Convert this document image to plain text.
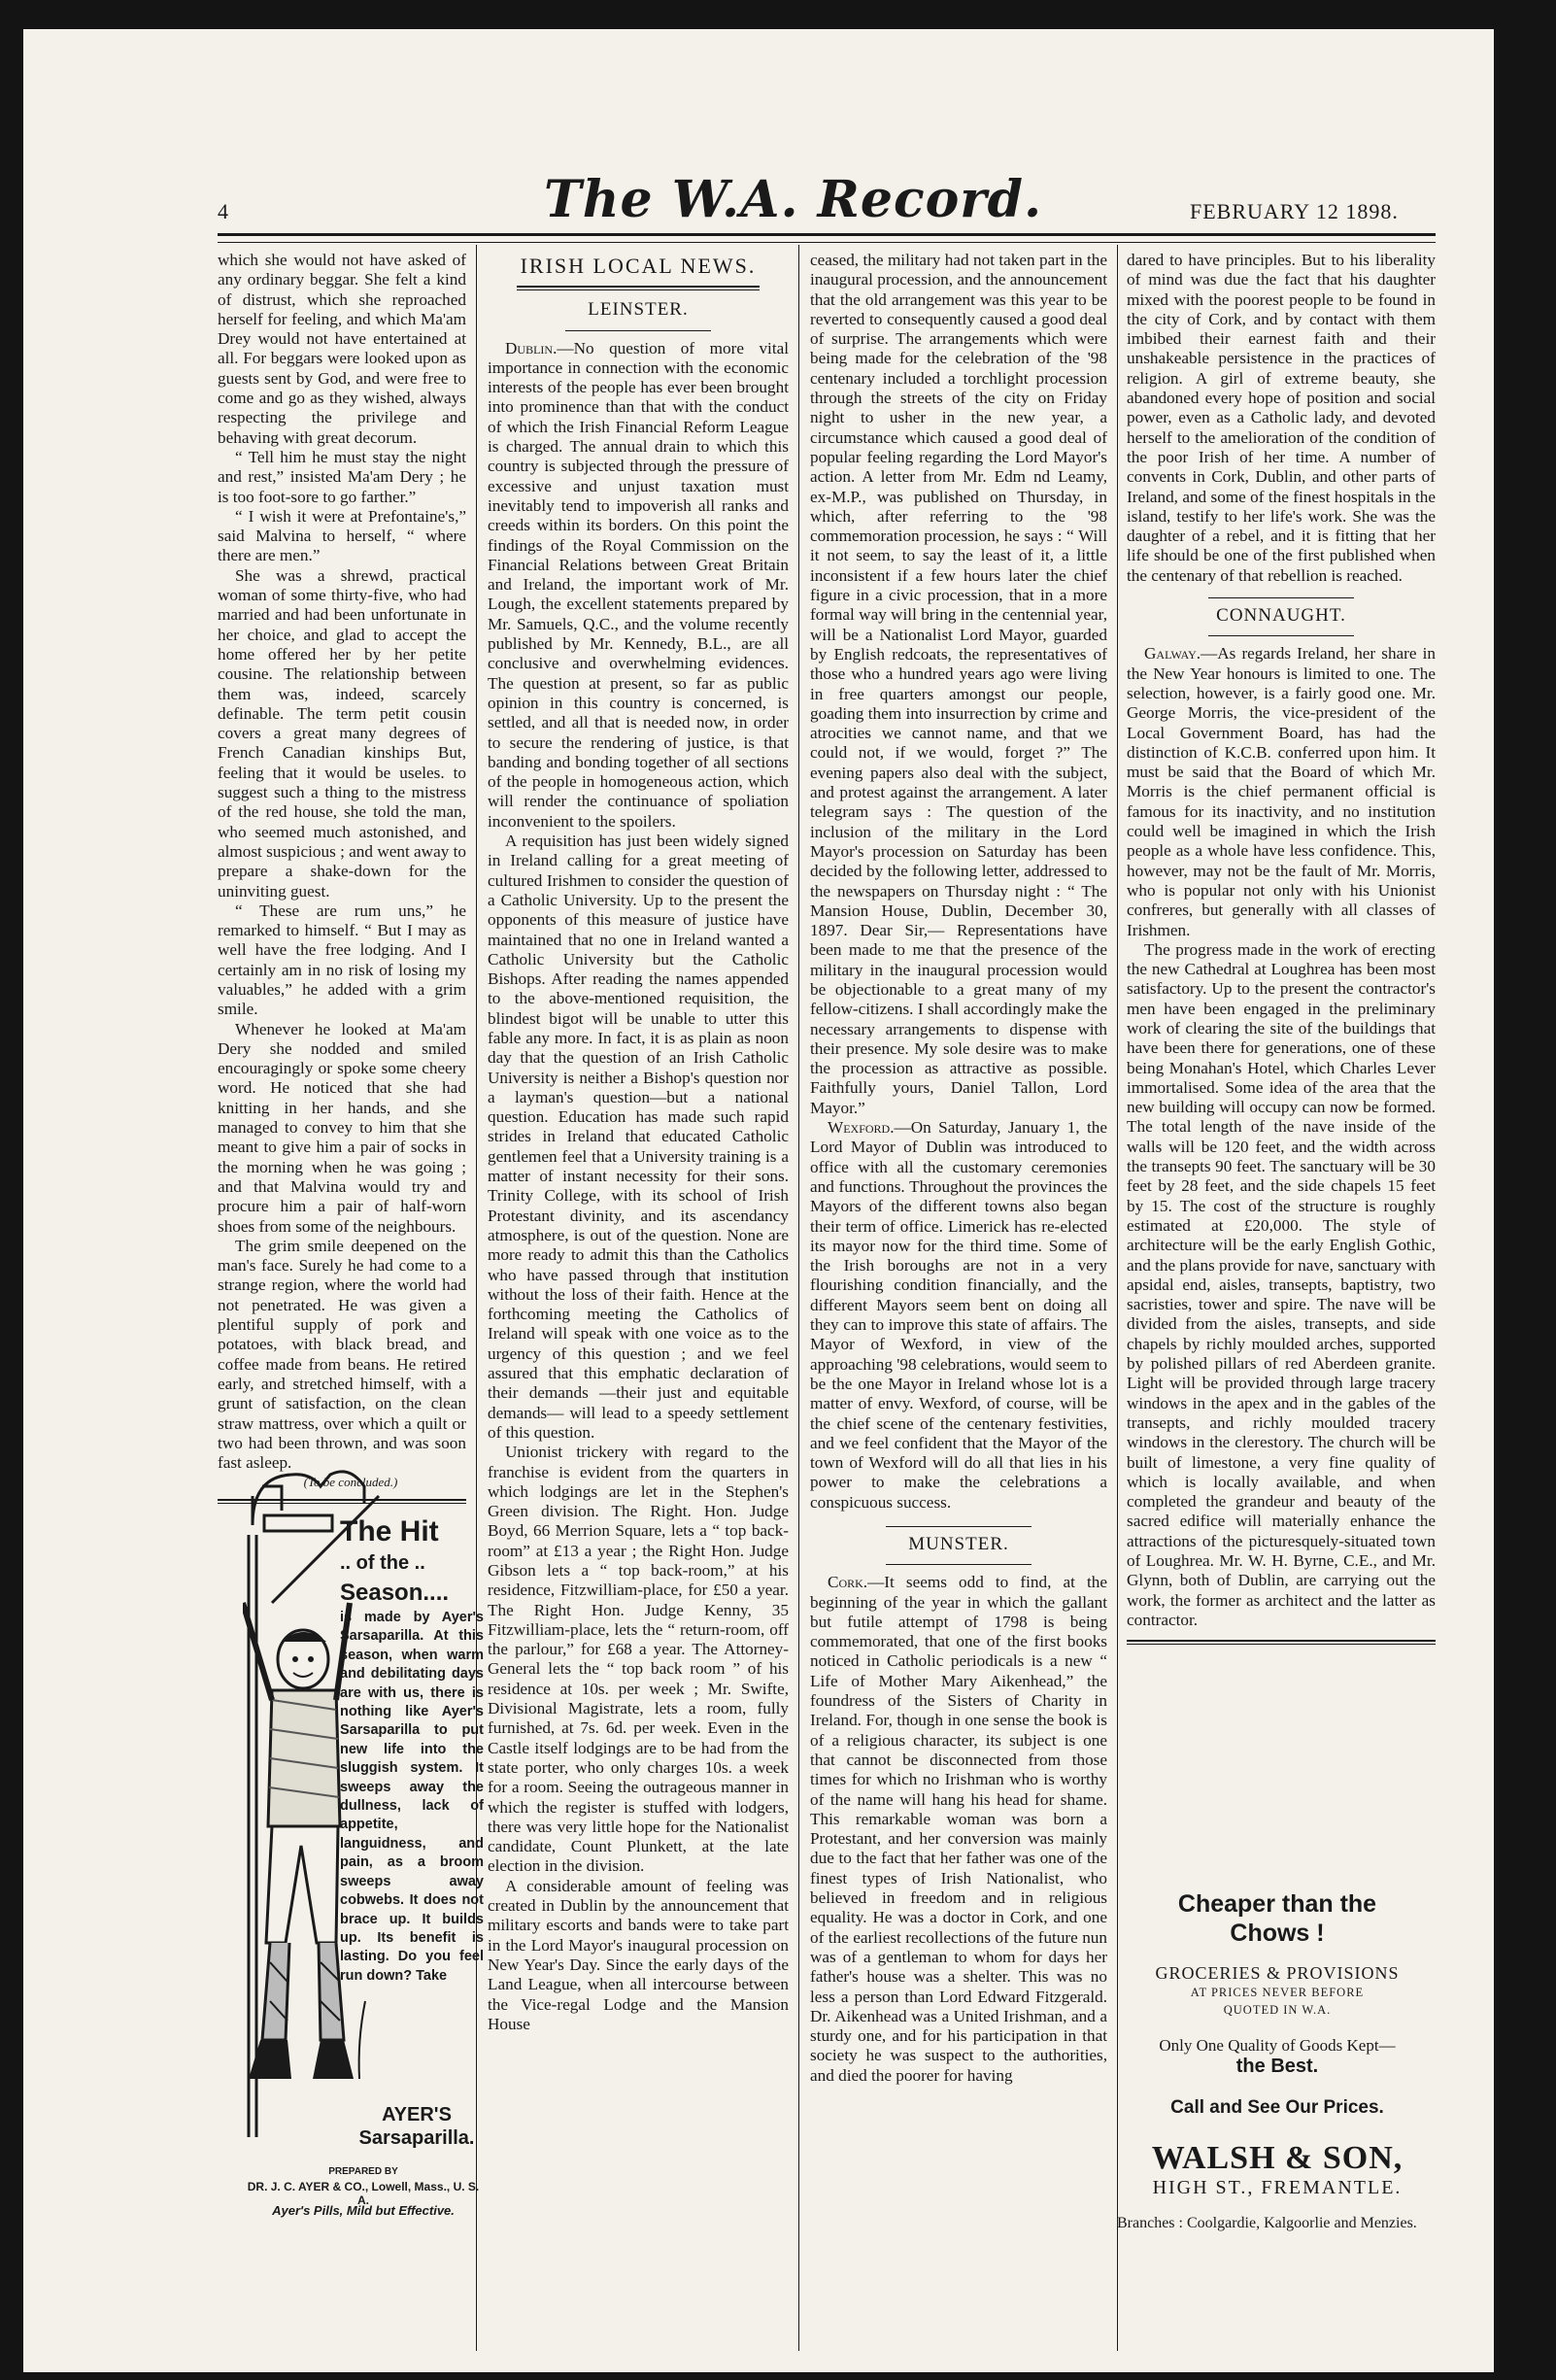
4	The W.A. Record.	FEBRUARY 12 1898.

which she would not have asked of any ordinary beggar. She felt a kind of distrust, which she reproached herself for feeling, and which Ma'am Drey would not have entertained at all. For beggars were looked upon as guests sent by God, and were free to come and go as they wished, always respecting the privilege and behaving with great decorum.

“ Tell him he must stay the night and rest,” insisted Ma'am Dery ; he is too foot-sore to go farther.”

“ I wish it were at Prefontaine's,” said Malvina to herself, “ where there are men.”

She was a shrewd, practical woman of some thirty-five, who had married and had been unfortunate in her choice, and glad to accept the home offered her by her petite cousine. The relationship between them was, indeed, scarcely definable. The term petit cousin covers a great many degrees of French Canadian kinships But, feeling that it would be useles. to suggest such a thing to the mistress of the red house, she told the man, who seemed much astonished, and almost suspicious ; and went away to prepare a shake-down for the uninviting guest.

“ These are rum uns,” he remarked to himself. “ But I may as well have the free lodging. And I certainly am in no risk of losing my valuables,” he added with a grim smile.

Whenever he looked at Ma'am Dery she nodded and smiled encouragingly or spoke some cheery word. He noticed that she had knitting in her hands, and she managed to convey to him that she meant to give him a pair of socks in the morning when he was going ; and that Malvina would try and procure him a pair of half-worn shoes from some of the neighbours.

The grim smile deepened on the man's face. Surely he had come to a strange region, where the world had not penetrated. He was given a plentiful supply of pork and potatoes, with black bread, and coffee made from beans. He retired early, and stretched himself, with a grunt of satisfaction, on the clean straw mattress, over which a quilt or two had been thrown, and was soon fast asleep.

(To be concluded.)

The Hit
.. of the ..
Season....
is made by Ayer's Sarsaparilla. At this season, when warm and debilitating days are with us, there is nothing like Ayer's Sarsaparilla to put new life into the sluggish system. It sweeps away the dullness, lack of appetite, languidness, and pain, as a broom sweeps away cobwebs. It does not brace up. It builds up. Its benefit is lasting. Do you feel run down? Take
AYER'S
Sarsaparilla.
PREPARED BY
DR. J. C. AYER & CO., Lowell, Mass., U. S. A.
Ayer's Pills, Mild but Effective.
IRISH LOCAL NEWS.
LEINSTER.

Dublin.—No question of more vital importance in connection with the economic interests of the people has ever been brought into prominence than that with the conduct of which the Irish Financial Reform League is charged. The annual drain to which this country is subjected through the pressure of excessive and unjust taxation must inevitably tend to impoverish all ranks and creeds within its borders. On this point the findings of the Royal Commission on the Financial Relations between Great Britain and Ireland, the important work of Mr. Lough, the excellent statements prepared by Mr. Samuels, Q.C., and the volume recently published by Mr. Kennedy, B.L., are all conclusive and overwhelming evidences. The question at present, so far as public opinion in this country is concerned, is settled, and all that is needed now, in order to secure the rendering of justice, is that banding and bonding together of all sections of the people in homogeneous action, which will render the continuance of spoliation inconvenient to the spoilers.

A requisition has just been widely signed in Ireland calling for a great meeting of cultured Irishmen to consider the question of a Catholic University. Up to the present the opponents of this measure of justice have maintained that no one in Ireland wanted a Catholic University but the Catholic Bishops. After reading the names appended to the above-mentioned requisition, the blindest bigot will be unable to utter this fable any more. In fact, it is as plain as noon day that the question of an Irish Catholic University is neither a Bishop's question nor a layman's question—but a national question. Education has made such rapid strides in Ireland that educated Catholic gentlemen feel that a University training is a matter of instant necessity for their sons. Trinity College, with its school of Irish Protestant divinity, and its ascendancy atmosphere, is out of the question. None are more ready to admit this than the Catholics who have passed through that institution without the loss of their faith. Hence at the forthcoming meeting the Catholics of Ireland will speak with one voice as to the urgency of this question ; and we feel assured that this emphatic declaration of their demands —their just and equitable demands— will lead to a speedy settlement of this question.

Unionist trickery with regard to the franchise is evident from the quarters in which lodgings are let in the Stephen's Green division. The Right. Hon. Judge Boyd, 66 Merrion Square, lets a “ top back-room” at £13 a year ; the Right Hon. Judge Gibson lets a “ top back-room,” at his residence, Fitzwilliam-place, for £50 a year. The Right Hon. Judge Kenny, 35 Fitzwilliam-place, lets the “ return-room, off the parlour,” for £68 a year. The Attorney-General lets the “ top back room ” of his residence at 10s. per week ; Mr. Swifte, Divisional Magistrate, lets a room, fully furnished, at 7s. 6d. per week. Even in the Castle itself lodgings are to be had from the state porter, who only charges 10s. a week for a room. Seeing the outrageous manner in which the register is stuffed with lodgers, there was very little hope for the Nationalist candidate, Count Plunkett, at the late election in the division.

A considerable amount of feeling was created in Dublin by the announcement that military escorts and bands were to take part in the Lord Mayor's inaugural procession on New Year's Day. Since the early days of the Land League, when all intercourse between the Vice-regal Lodge and the Mansion House

ceased, the military had not taken part in the inaugural procession, and the announcement that the old arrangement was this year to be reverted to consequently caused a good deal of surprise. The arrangements which were being made for the celebration of the '98 centenary included a torchlight procession through the streets of the city on Friday night to usher in the new year, a circumstance which caused a good deal of popular feeling regarding the Lord Mayor's action. A letter from Mr. Edm nd Leamy, ex-M.P., was published on Thursday, in which, after referring to the '98 commemoration procession, he says : “ Will it not seem, to say the least of it, a little inconsistent if a few hours later the chief figure in a civic procession, that in a more formal way will bring in the centennial year, will be a Nationalist Lord Mayor, guarded by English redcoats, the representatives of those who a hundred years ago were living in free quarters amongst our people, goading them into insurrection by crime and atrocities we cannot name, and that we could not, if we would, forget ?” The evening papers also deal with the subject, and protest against the arrangement. A later telegram says : The question of the inclusion of the military in the Lord Mayor's procession on Saturday has been decided by the following letter, addressed to the newspapers on Thursday night : “ The Mansion House, Dublin, December 30, 1897. Dear Sir,— Representations have been made to me that the presence of the military in the inaugural procession would be objectionable to a great many of my fellow-citizens. I shall accordingly make the necessary arrangements to dispense with their presence. My sole desire was to make the procession as attractive as possible. Faithfully yours, Daniel Tallon, Lord Mayor.”

Wexford.—On Saturday, January 1, the Lord Mayor of Dublin was introduced to office with all the customary ceremonies and functions. Throughout the provinces the Mayors of the different towns also began their term of office. Limerick has re-elected its mayor now for the third time. Some of the Irish boroughs are not in a very flourishing condition financially, and the different Mayors seem bent on doing all they can to improve this state of affairs. The Mayor of Wexford, in view of the approaching '98 celebrations, would seem to be the one Mayor in Ireland whose lot is a matter of envy. Wexford, of course, will be the chief scene of the centenary festivities, and we feel confident that the Mayor of the town of Wexford will do all that lies in his power to make the celebrations a conspicuous success.

MUNSTER.

Cork.—It seems odd to find, at the beginning of the year in which the gallant but futile attempt of 1798 is being commemorated, that one of the first books noticed in Catholic periodicals is a new “ Life of Mother Mary Aikenhead,” the foundress of the Sisters of Charity in Ireland. For, though in one sense the book is of a religious character, its subject is one that cannot be disconnected from those times for which no Irishman who is worthy of the name will hang his head for shame. This remarkable woman was born a Protestant, and her conversion was mainly due to the fact that her father was one of the finest types of Irish Nationalist, who believed in freedom and in religious equality. He was a doctor in Cork, and one of the earliest recollections of the future nun was of a gentleman to whom for days her father's house was a shelter. This was no less a person than Lord Edward Fitzgerald. Dr. Aikenhead was a United Irishman, and a sturdy one, and for his participation in that society he was suspect to the authorities, and died the poorer for having

dared to have principles. But to his liberality of mind was due the fact that his daughter mixed with the poorest people to be found in the city of Cork, and by contact with them imbibed their earnest faith and their unshakeable persistence in the practices of religion. A girl of extreme beauty, she abandoned every hope of position and social power, even as a Catholic lady, and devoted herself to the amelioration of the condition of the poor Irish of her time. A number of convents in Cork, Dublin, and other parts of Ireland, and some of the finest hospitals in the island, testify to her life's work. She was the daughter of a rebel, and it is fitting that her life should be one of the first published when the centenary of that rebellion is reached.

CONNAUGHT.

Galway.—As regards Ireland, her share in the New Year honours is limited to one. The selection, however, is a fairly good one. Mr. George Morris, the vice-president of the Local Government Board, has had the distinction of K.C.B. conferred upon him. It must be said that the Board of which Mr. Morris is the chief permanent official is famous for its inactivity, and no institution could well be imagined in which the Irish people as a whole have less confidence. This, however, may not be the fault of Mr. Morris, who is popular not only with his Unionist confreres, but generally with all classes of Irishmen.

The progress made in the work of erecting the new Cathedral at Loughrea has been most satisfactory. Up to the present the contractor's men have been engaged in the preliminary work of clearing the site of the buildings that have been there for generations, one of these being Monahan's Hotel, which Charles Lever immortalised. Some idea of the area that the new building will occupy can now be formed. The total length of the nave inside of the walls will be 120 feet, and the width across the transepts 90 feet. The sanctuary will be 30 feet by 28 feet, and the side chapels 15 feet by 15. The cost of the structure is roughly estimated at £20,000. The style of architecture will be the early English Gothic, and the plans provide for nave, sanctuary with apsidal end, aisles, transepts, baptistry, two sacristies, tower and spire. The nave will be divided from the aisles, transepts, and side chapels by richly moulded arches, supported by polished pillars of red Aberdeen granite. Light will be provided through large tracery windows in the apex and in the gables of the transepts, and richly moulded tracery windows in the clerestory. The church will be built of limestone, a very fine quality of which is locally available, and when completed the grandeur and beauty of the sacred edifice will materially enhance the attractions of the picturesquely-situated town of Loughrea. Mr. W. H. Byrne, C.E., and Mr. Glynn, both of Dublin, are carrying out the work, the former as architect and the latter as contractor.

Cheaper than the
Chows !
GROCERIES & PROVISIONS
AT PRICES NEVER BEFORE
QUOTED IN W.A.
Only One Quality of Goods Kept—
the Best.
Call and See Our Prices.
WALSH & SON,
HIGH ST., FREMANTLE.
Branches : Coolgardie, Kalgoorlie and Menzies.
